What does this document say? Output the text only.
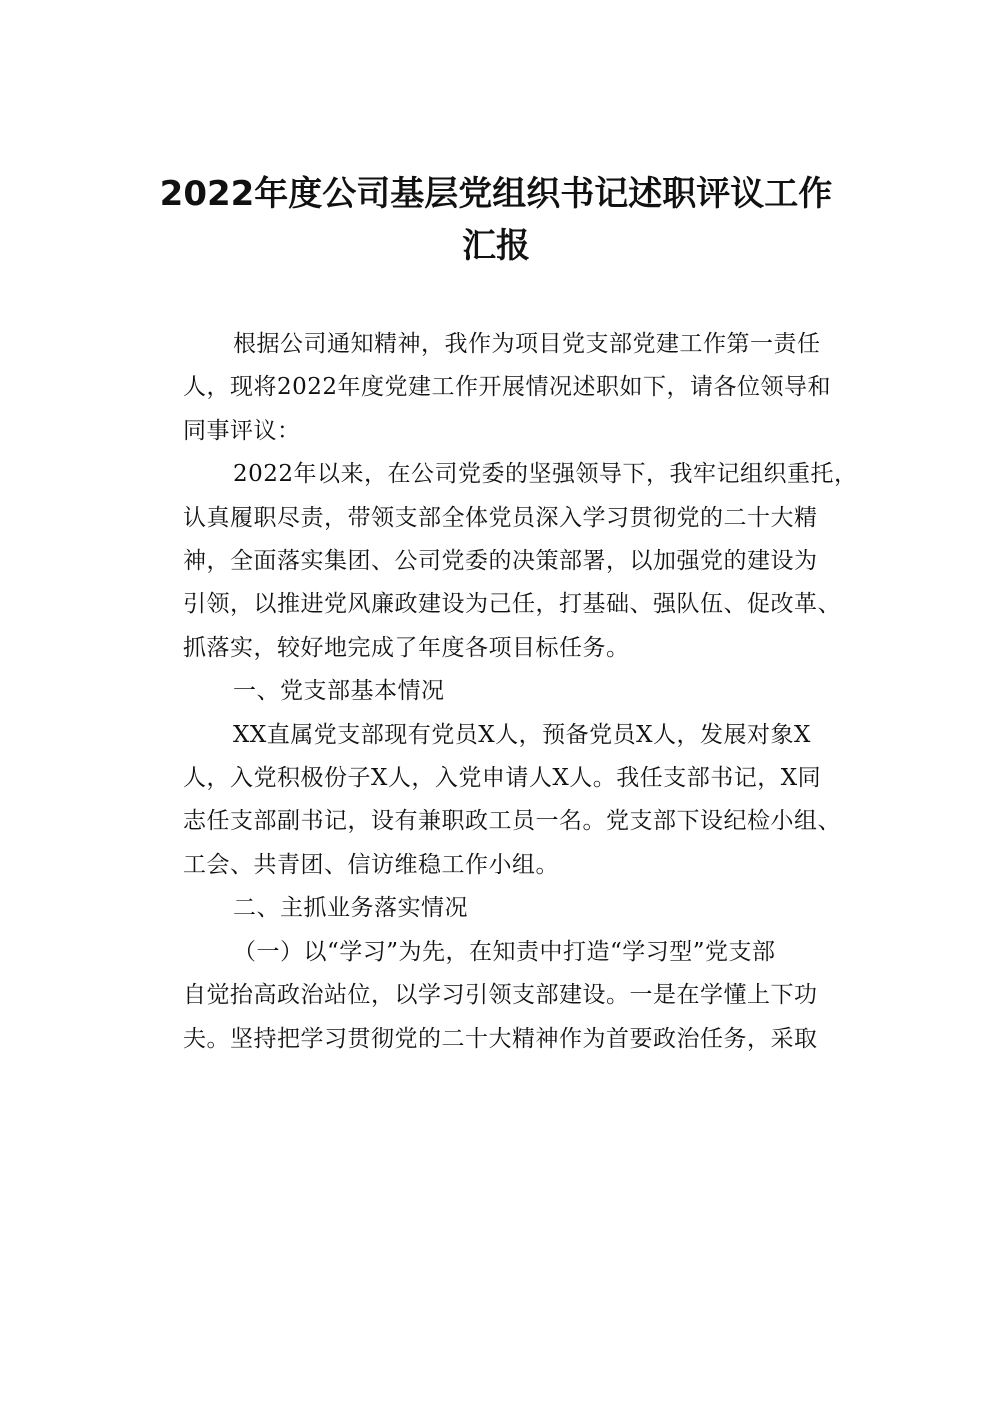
2022年度公司基层党组织书记述职评议工作
汇报
根据公司通知精神，我作为项目党支部党建工作第一责任
人，现将2022年度党建工作开展情况述职如下，请各位领导和
同事评议：
2022年以来，在公司党委的坚强领导下，我牢记组织重托，
认真履职尽责，带领支部全体党员深入学习贯彻党的二十大精
神，全面落实集团、公司党委的决策部署，以加强党的建设为
引领，以推进党风廉政建设为己任，打基础、强队伍、促改革、
抓落实，较好地完成了年度各项目标任务。
一、党支部基本情况
XX直属党支部现有党员X人，预备党员X人，发展对象X
人，入党积极份子X人，入党申请人X人。我任支部书记，X同
志任支部副书记，设有兼职政工员一名。党支部下设纪检小组、
工会、共青团、信访维稳工作小组。
二、主抓业务落实情况
（一）以“学习”为先，在知责中打造“学习型”党支部
自觉抬高政治站位，以学习引领支部建设。一是在学懂上下功
夫。坚持把学习贯彻党的二十大精神作为首要政治任务，采取
